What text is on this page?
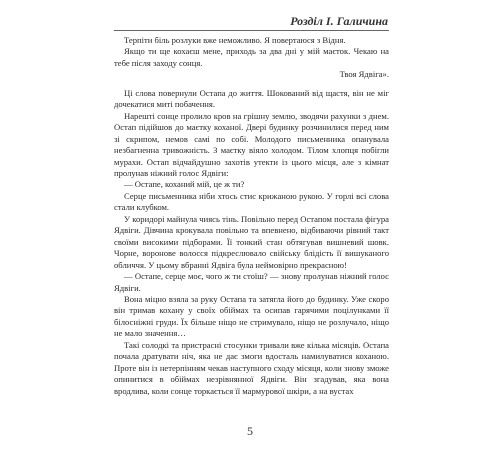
Розділ І. Галичина

Терпіти біль розлуки вже неможливо. Я повертаюся з Відня.

Якщо ти ще кохаєш мене, приходь за два дні у мій маєток. Чекаю на тебе після заходу сонця.

Твоя Ядвіга».

Ці слова повернули Остапа до життя. Шокований від щастя, він не міг дочекатися миті побачення.

Нарешті сонце пролило кров на грішну землю, зводячи рахунки з днем. Остап підійшов до маєтку коханої. Двері будинку розчинилися перед ним зі скрипом, немов самі по собі. Молодого письменника опанувала незбагненна тривожність. З маєтку віяло холодом. Тілом хлопця побігли мурахи. Остап відчайдушно захотів утекти із цього місця, але з кімнат пролунав ніжний голос Ядвіги:

— Остапе, коханий мій, це ж ти?

Серце письменника ніби хтось стис крижаною рукою. У горлі всі слова стали клубком.

У коридорі майнула чиясь тінь. Повільно перед Остапом постала фігура Ядвіги. Дівчина крокувала повільно та впевнено, відбиваючи рівний такт своїми високими підборами. Її тонкий стан обтягував вишневий шовк. Чорне, воронове волосся підкреслювало свійську блідість її вишуканого обличчя. У цьому вбранні Ядвіга була неймовірно прекрасною!

— Остапе, серце моє, чого ж ти стоїш? — знову пролунав ніжний голос Ядвіги.

Вона міцно взяла за руку Остапа та затягла його до будинку. Уже скоро він тримав кохану у своїх обіймах та осипав гарячими поцілунками її білосніжні груди. Їх більше ніщо не стримувало, ніщо не розлучало, ніщо не мало значення…

Такі солодкі та пристрасні стосунки тривали вже кілька місяців. Остапа почала дратувати ніч, яка не дає змоги вдосталь намилуватися коханою. Проте він із нетерпінням чекав наступного сходу місяця, коли знову зможе опинитися в обіймах незрівнянної Ядвіги. Він згадував, яка вона вродлива, коли сонце торкається її мармурової шкіри, а на вустах

5
